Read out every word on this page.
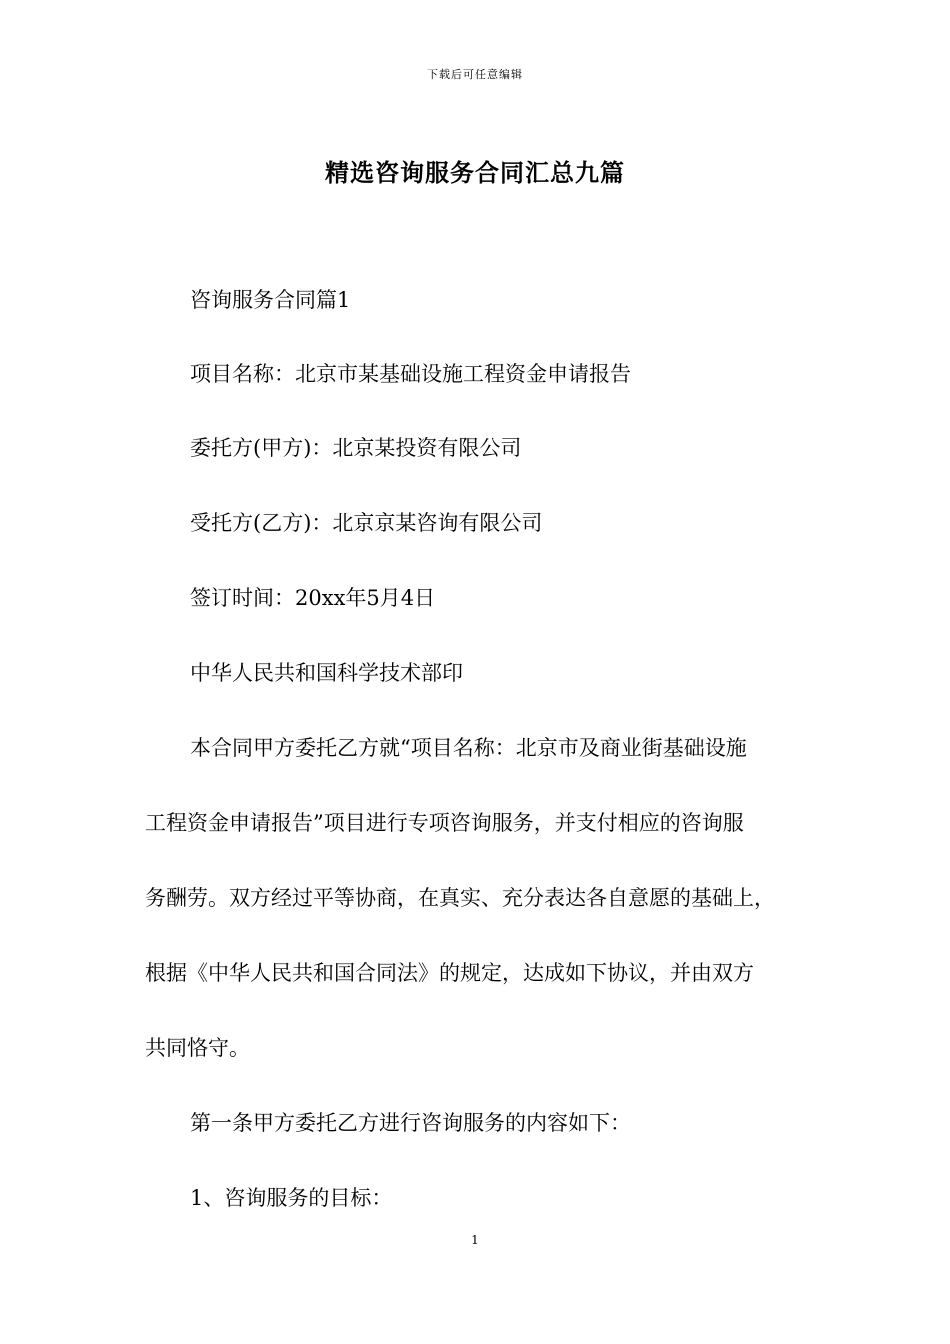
下载后可任意编辑
精选咨询服务合同汇总九篇
咨询服务合同篇1
项目名称：北京市某基础设施工程资金申请报告
委托方(甲方)：北京某投资有限公司
受托方(乙方)：北京京某咨询有限公司
签订时间：20xx年5月4日
中华人民共和国科学技术部印
本合同甲方委托乙方就“项目名称：北京市及商业街基础设施
工程资金申请报告”项目进行专项咨询服务，并支付相应的咨询服
务酬劳。双方经过平等协商，在真实、充分表达各自意愿的基础上，
根据《中华人民共和国合同法》的规定，达成如下协议，并由双方
共同恪守。
第一条甲方委托乙方进行咨询服务的内容如下：
1、咨询服务的目标：
1
